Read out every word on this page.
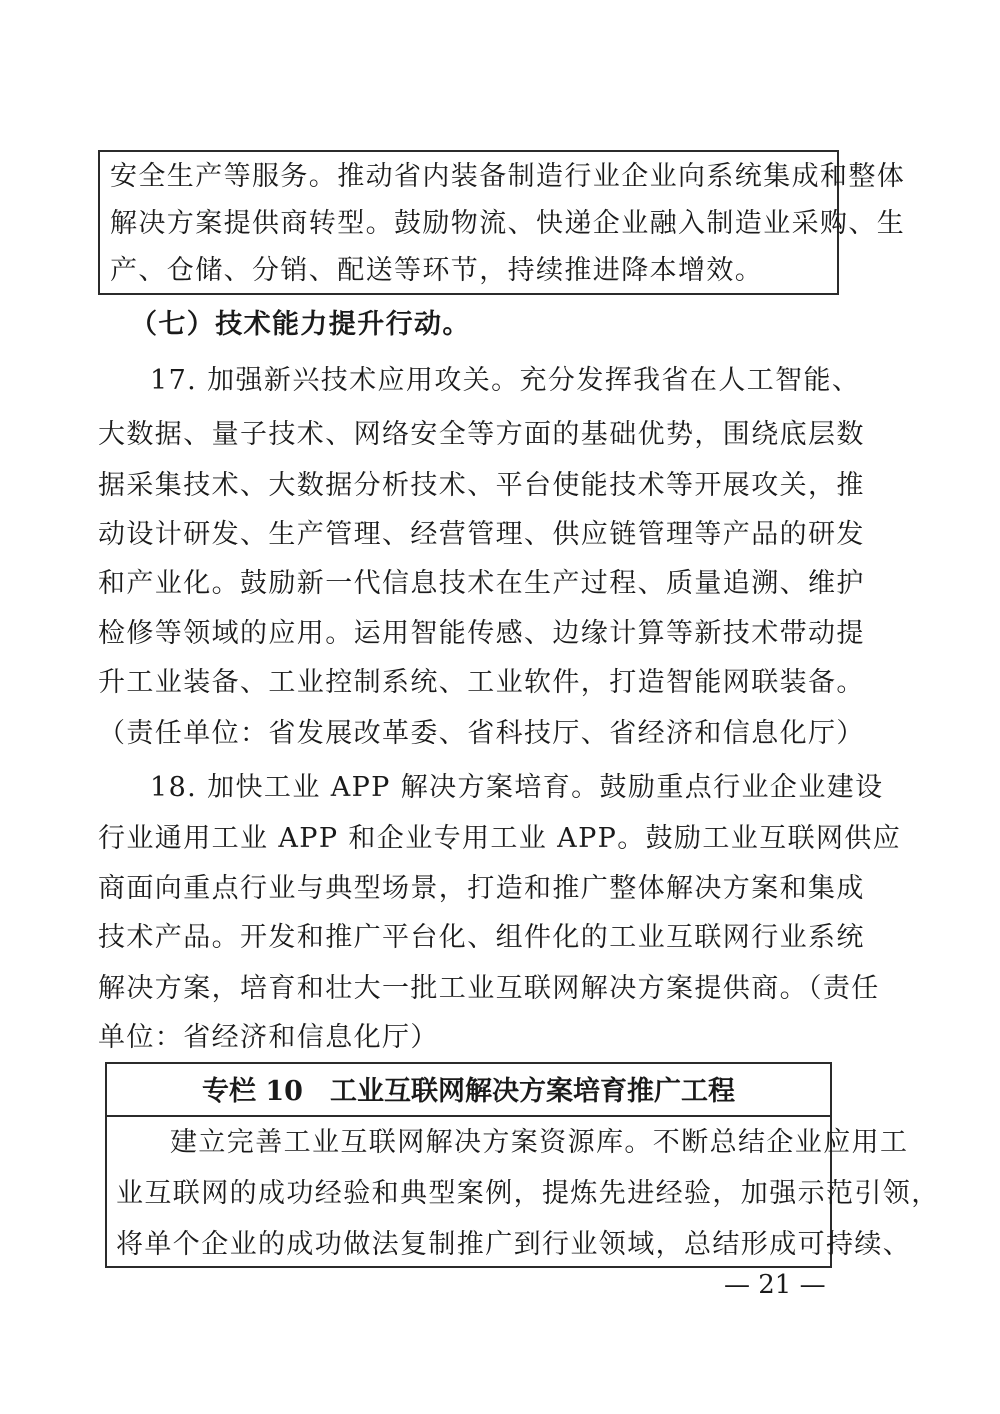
安全生产等服务。推动省内装备制造行业企业向系统集成和整体
解决方案提供商转型。鼓励物流、快递企业融入制造业采购、生
产、仓储、分销、配送等环节，持续推进降本增效。
（七）技术能力提升行动。
17. 加强新兴技术应用攻关。充分发挥我省在人工智能、
大数据、量子技术、网络安全等方面的基础优势，围绕底层数
据采集技术、大数据分析技术、平台使能技术等开展攻关，推
动设计研发、生产管理、经营管理、供应链管理等产品的研发
和产业化。鼓励新一代信息技术在生产过程、质量追溯、维护
检修等领域的应用。运用智能传感、边缘计算等新技术带动提
升工业装备、工业控制系统、工业软件，打造智能网联装备。
（责任单位：省发展改革委、省科技厅、省经济和信息化厅）
18. 加快工业 APP 解决方案培育。鼓励重点行业企业建设
行业通用工业 APP 和企业专用工业 APP。鼓励工业互联网供应
商面向重点行业与典型场景，打造和推广整体解决方案和集成
技术产品。开发和推广平台化、组件化的工业互联网行业系统
解决方案，培育和壮大一批工业互联网解决方案提供商。（责任
单位：省经济和信息化厅）
专栏 10　工业互联网解决方案培育推广工程
建立完善工业互联网解决方案资源库。不断总结企业应用工
业互联网的成功经验和典型案例，提炼先进经验，加强示范引领，
将单个企业的成功做法复制推广到行业领域，总结形成可持续、
— 21 —
